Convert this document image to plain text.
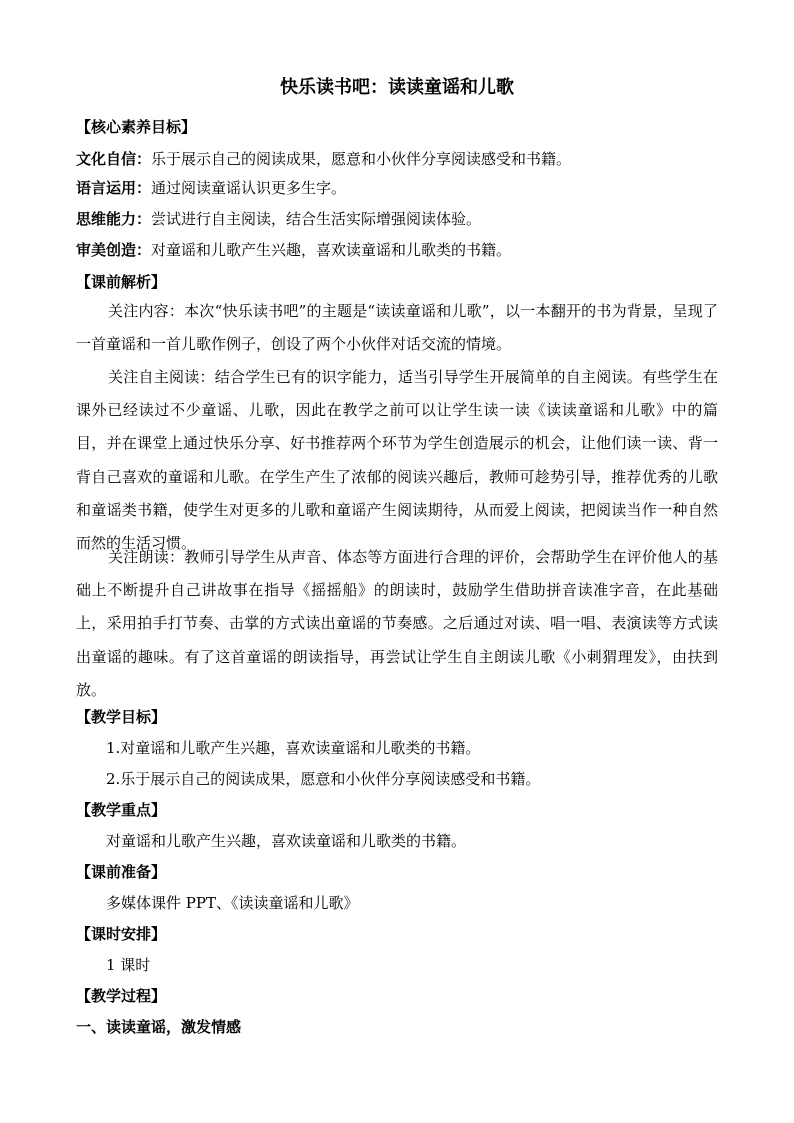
快乐读书吧：读读童谣和儿歌
【核心素养目标】
文化自信：乐于展示自己的阅读成果，愿意和小伙伴分享阅读感受和书籍。
语言运用：通过阅读童谣认识更多生字。
思维能力：尝试进行自主阅读，结合生活实际增强阅读体验。
审美创造：对童谣和儿歌产生兴趣，喜欢读童谣和儿歌类的书籍。
【课前解析】
关注内容：本次“快乐读书吧”的主题是“读读童谣和儿歌”，以一本翻开的书为背景，呈现了一首童谣和一首儿歌作例子，创设了两个小伙伴对话交流的情境。
关注自主阅读：结合学生已有的识字能力，适当引导学生开展简单的自主阅读。有些学生在课外已经读过不少童谣、儿歌，因此在教学之前可以让学生读一读《读读童谣和儿歌》中的篇目，并在课堂上通过快乐分享、好书推荐两个环节为学生创造展示的机会，让他们读一读、背一背自己喜欢的童谣和儿歌。在学生产生了浓郁的阅读兴趣后，教师可趁势引导，推荐优秀的儿歌和童谣类书籍，使学生对更多的儿歌和童谣产生阅读期待，从而爱上阅读，把阅读当作一种自然而然的生活习惯。
关注朗读：教师引导学生从声音、体态等方面进行合理的评价，会帮助学生在评价他人的基础上不断提升自己讲故事在指导《摇摇船》的朗读时，鼓励学生借助拼音读准字音，在此基础上，采用拍手打节奏、击掌的方式读出童谣的节奏感。之后通过对读、唱一唱、表演读等方式读出童谣的趣味。有了这首童谣的朗读指导，再尝试让学生自主朗读儿歌《小刺猬理发》，由扶到放。
【教学目标】
1.对童谣和儿歌产生兴趣，喜欢读童谣和儿歌类的书籍。
2.乐于展示自己的阅读成果，愿意和小伙伴分享阅读感受和书籍。
【教学重点】
对童谣和儿歌产生兴趣，喜欢读童谣和儿歌类的书籍。
【课前准备】
多媒体课件 PPT、《读读童谣和儿歌》
【课时安排】
1 课时
【教学过程】
一、读读童谣，激发情感
